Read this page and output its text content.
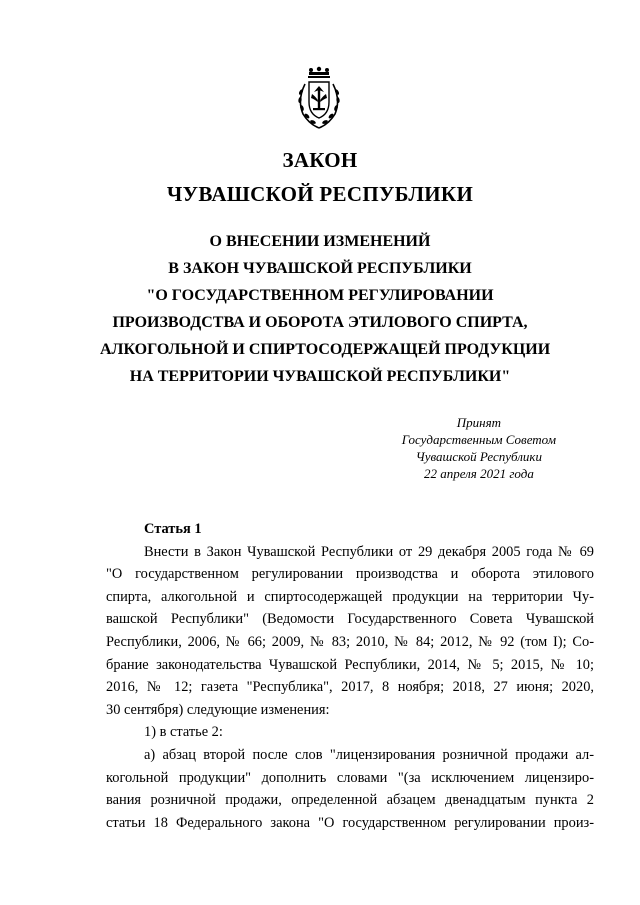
ЗАКОН
ЧУВАШСКОЙ РЕСПУБЛИКИ
О ВНЕСЕНИИ ИЗМЕНЕНИЙ
В ЗАКОН ЧУВАШСКОЙ РЕСПУБЛИКИ
"О ГОСУДАРСТВЕННОМ РЕГУЛИРОВАНИИ
ПРОИЗВОДСТВА И ОБОРОТА ЭТИЛОВОГО СПИРТА,
АЛКОГОЛЬНОЙ И СПИРТОСОДЕРЖАЩЕЙ ПРОДУКЦИИ
НА ТЕРРИТОРИИ ЧУВАШСКОЙ РЕСПУБЛИКИ"
Принят
Государственным Советом
Чувашской Республики
22 апреля 2021 года
Статья 1
Внести в Закон Чувашской Республики от 29 декабря 2005 года № 69
"О государственном регулировании производства и оборота этилового
спирта, алкогольной и спиртосодержащей продукции на территории Чу-
вашской Республики" (Ведомости Государственного Совета Чувашской
Республики, 2006, № 66; 2009, № 83; 2010, № 84; 2012, № 92 (том I); Со-
брание законодательства Чувашской Республики, 2014, № 5; 2015, № 10;
2016, № 12; газета "Республика", 2017, 8 ноября; 2018, 27 июня; 2020,
30 сентября) следующие изменения:
1) в статье 2:
а) абзац второй после слов "лицензирования розничной продажи ал-
когольной продукции" дополнить словами "(за исключением лицензиро-
вания розничной продажи, определенной абзацем двенадцатым пункта 2
статьи 18 Федерального закона "О государственном регулировании произ-
